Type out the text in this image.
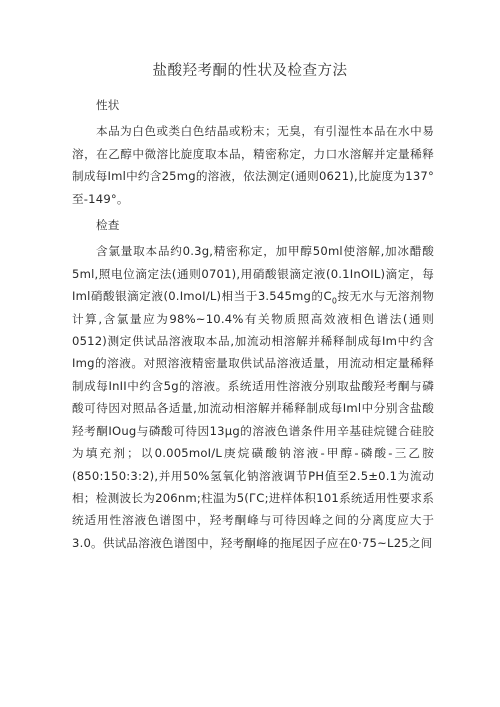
盐酸羟考酮的性状及检查方法

性状

本品为白色或类白色结晶或粉末；无臭，有引湿性本品在水中易溶，在乙醇中微溶比旋度取本品，精密称定，力口水溶解并定量稀释制成每Iml中约含25mg的溶液，依法测定(通则0621),比旋度为137°至-149°。

检查

含氯量取本品约0.3g,精密称定，加甲醇50ml使溶解,加冰醋酸5ml,照电位滴定法(通则0701),用硝酸银滴定液(0.1InOIL)滴定，每Iml硝酸银滴定液(0.ImoI/L)相当于3.545mg的$C_0$按无水与无溶剂物计算,含氯量应为98%~10.4%有关物质照高效液相色谱法(通则0512)测定供试品溶液取本品,加流动相溶解并稀释制成每Im中约含Img的溶液。对照溶液精密量取供试品溶液适量，用流动相定量稀释制成每InII中约含5g的溶液。系统适用性溶液分别取盐酸羟考酮与磷酸可待因对照品各适量,加流动相溶解并稀释制成每Iml中分别含盐酸羟考酮IOug与磷酸可待因13μg的溶液色谱条件用辛基硅烷键合硅胶为填充剂；以0.005moI/L庚烷磺酸钠溶液-甲醇-磷酸-三乙胺(850:150:3:2),并用50%氢氧化钠溶液调节PH值至2.5±0.1为流动相；检测波长为206nm;柱温为5(ГC;进样体积101系统适用性要求系统适用性溶液色谱图中，羟考酮峰与可待因峰之间的分离度应大于3.0。供试品溶液色谱图中，羟考酮峰的拖尾因子应在0·75~L25之间
